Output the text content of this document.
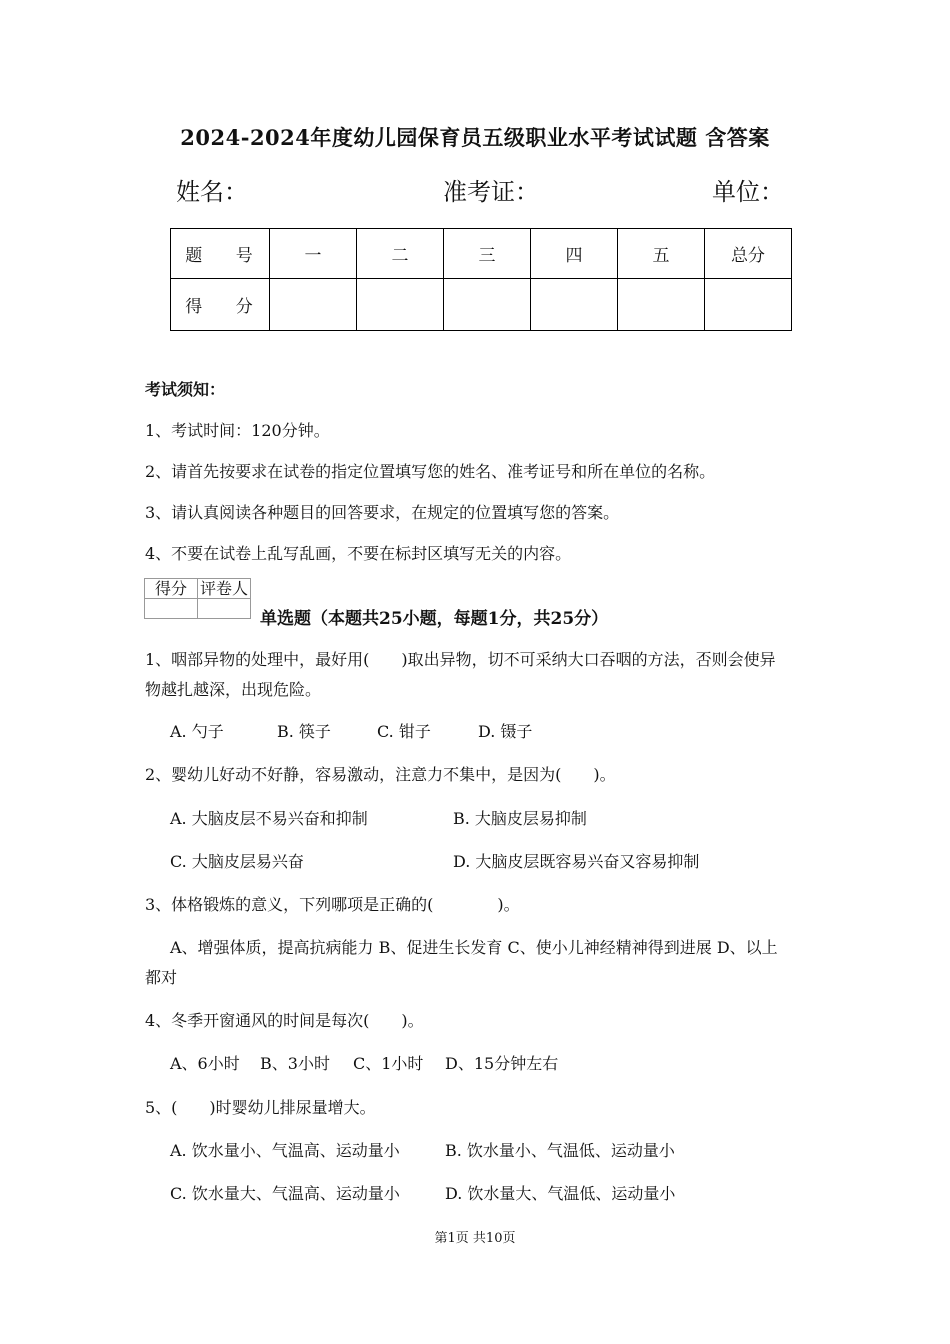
2024-2024年度幼儿园保育员五级职业水平考试试题 含答案
姓名：	准考证：	单位：
题 号	一	二	三	四	五	总分
得 分						
考试须知：
1、考试时间：120分钟。
2、请首先按要求在试卷的指定位置填写您的姓名、准考证号和所在单位的名称。
3、请认真阅读各种题目的回答要求，在规定的位置填写您的答案。
4、不要在试卷上乱写乱画，不要在标封区填写无关的内容。
得分	评卷人

单选题（本题共25小题，每题1分，共25分）
1、咽部异物的处理中，最好用(　　)取出异物，切不可采纳大口吞咽的方法，否则会使异
物越扎越深，出现危险。
A. 勺子	B. 筷子	C. 钳子	D. 镊子
2、婴幼儿好动不好静，容易激动，注意力不集中，是因为(　　)。
A. 大脑皮层不易兴奋和抑制	B. 大脑皮层易抑制
C. 大脑皮层易兴奋	D. 大脑皮层既容易兴奋又容易抑制
3、体格锻炼的意义，下列哪项是正确的(　　　　)。
A、增强体质，提高抗病能力 B、促进生长发育 C、使小儿神经精神得到进展 D、以上
都对
4、冬季开窗通风的时间是每次(　　)。
A、6小时 B、3小时 C、1小时 D、15分钟左右
5、(　　)时婴幼儿排尿量增大。
A. 饮水量小、气温高、运动量小	B. 饮水量小、气温低、运动量小
C. 饮水量大、气温高、运动量小	D. 饮水量大、气温低、运动量小
第1页 共10页
